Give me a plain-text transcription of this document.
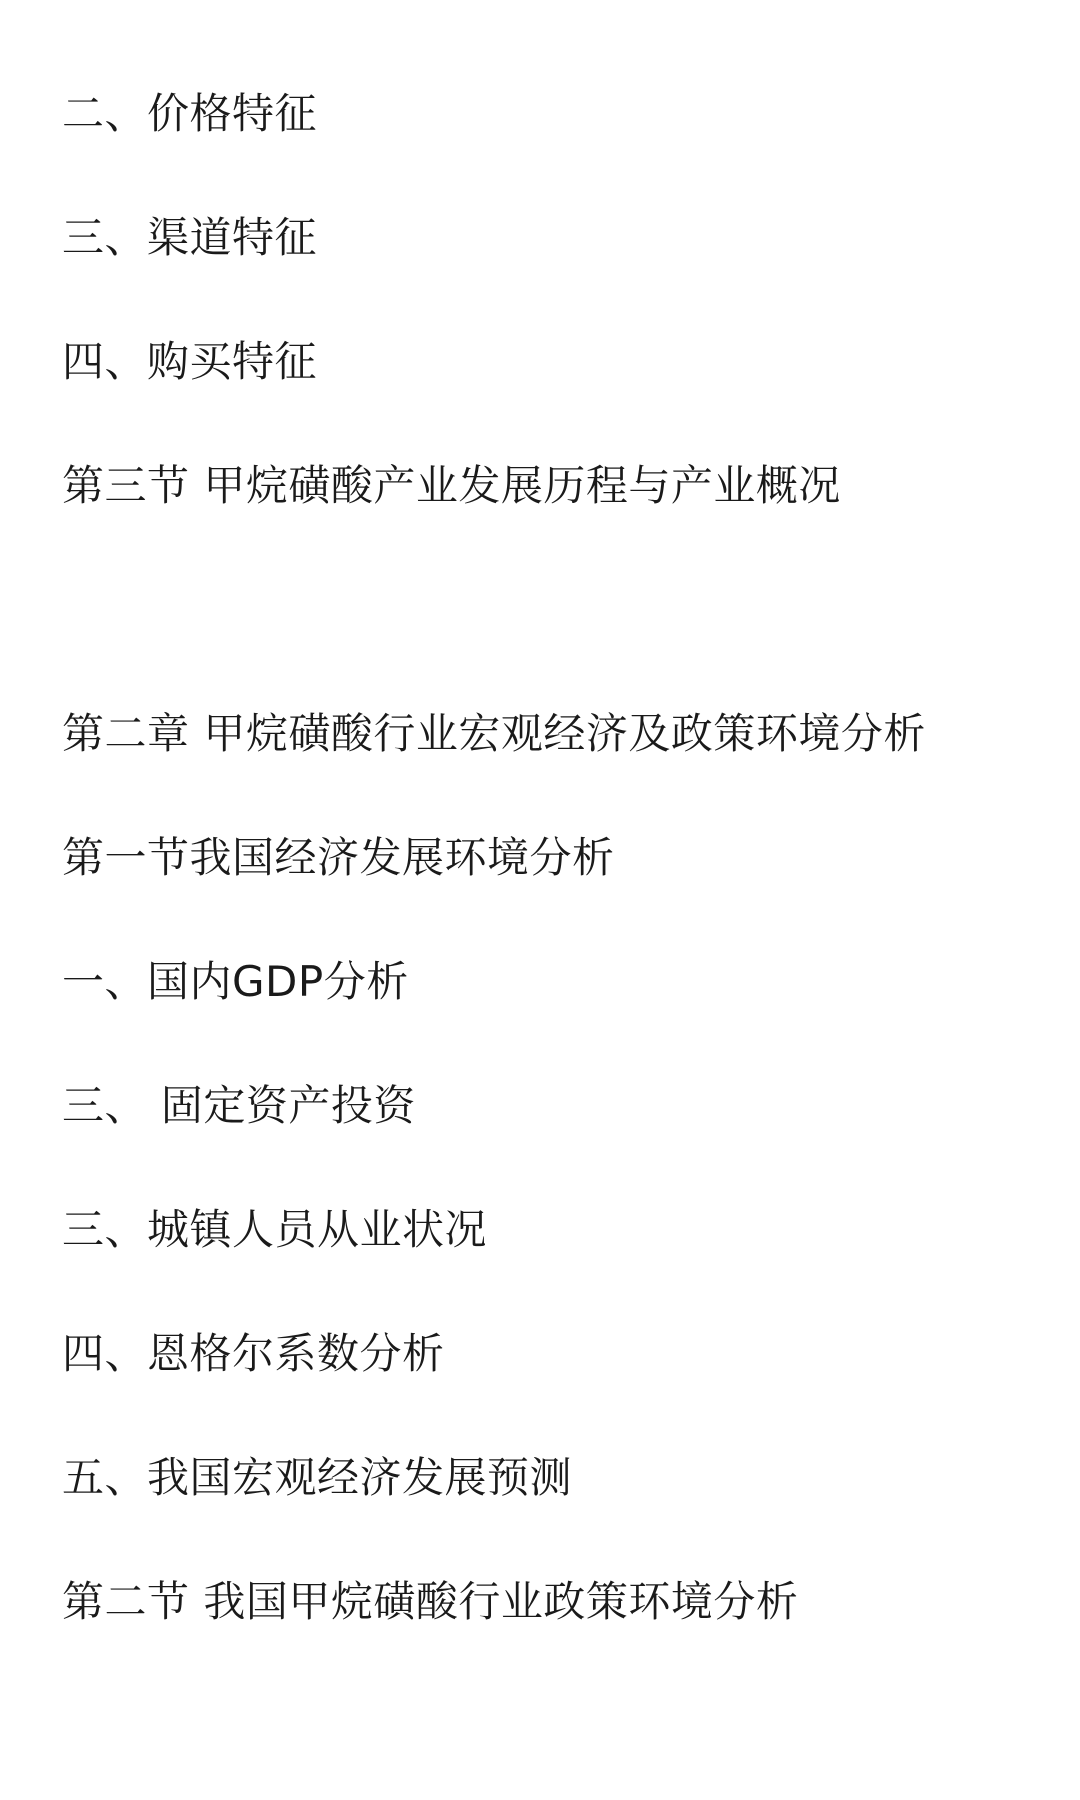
二、价格特征
三、渠道特征
四、购买特征
第三节 甲烷磺酸产业发展历程与产业概况
第二章 甲烷磺酸行业宏观经济及政策环境分析
第一节我国经济发展环境分析
一、国内GDP分析
三、 固定资产投资
三、城镇人员从业状况
四、恩格尔系数分析
五、我国宏观经济发展预测
第二节 我国甲烷磺酸行业政策环境分析
